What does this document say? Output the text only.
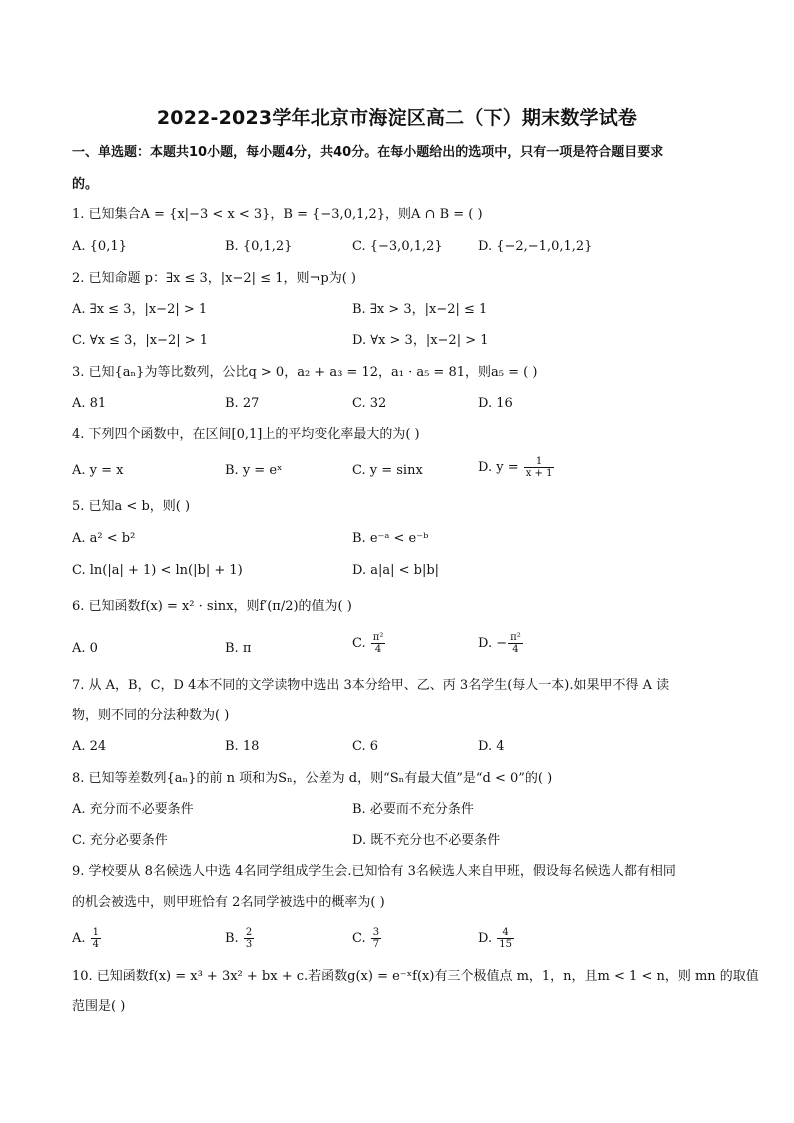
2022-2023学年北京市海淀区高二（下）期末数学试卷
一、单选题：本题共10小题，每小题4分，共40分。在每小题给出的选项中，只有一项是符合题目要求
的。
1. 已知集合A = {x|−3 < x < 3}，B = {−3,0,1,2}，则A ∩ B = ( )
A. {0,1}	B. {0,1,2}	C. {−3,0,1,2}	D. {−2,−1,0,1,2}
2. 已知命题 p：∃x ≤ 3，|x−2| ≤ 1，则¬p为( )
A. ∃x ≤ 3，|x−2| > 1	B. ∃x > 3，|x−2| ≤ 1
C. ∀x ≤ 3，|x−2| > 1	D. ∀x > 3，|x−2| > 1
3. 已知{aₙ}为等比数列，公比q > 0，a₂ + a₃ = 12，a₁ · a₅ = 81，则a₅ = ( )
A. 81	B. 27	C. 32	D. 16
4. 下列四个函数中，在区间[0,1]上的平均变化率最大的为( )
A. y = x	B. y = eˣ	C. y = sinx	D. $y = \frac{1}{x + 1}$
5. 已知a < b，则( )
A. a² < b²	B. e⁻ᵃ < e⁻ᵇ
C. ln(|a| + 1) < ln(|b| + 1)	D. a|a| < b|b|
6. 已知函数f(x) = x² · sinx，则f′(π/2)的值为( )
A. 0	B. π	C. $\frac{\text{π²}}{4}$	D. − $\frac{\text{π²}}{4}$
7. 从 A，B，C，D 4本不同的文学读物中选出 3本分给甲、乙、丙 3名学生(每人一本).如果甲不得 A 读
物，则不同的分法种数为( )
A. 24	B. 18	C. 6	D. 4
8. 已知等差数列{aₙ}的前 n 项和为Sₙ，公差为 d，则“Sₙ有最大值”是“d < 0”的( )
A. 充分而不必要条件	B. 必要而不充分条件
C. 充分必要条件	D. 既不充分也不必要条件
9. 学校要从 8名候选人中选 4名同学组成学生会.已知恰有 3名候选人来自甲班，假设每名候选人都有相同
的机会被选中，则甲班恰有 2名同学被选中的概率为( )
A. $\frac{1}{4}$	B. $\frac{2}{3}$	C. $\frac{3}{7}$	D. $\frac{4}{15}$
10. 已知函数f(x) = x³ + 3x² + bx + c.若函数g(x) = e⁻ˣf(x)有三个极值点 m，1，n，且m < 1 < n，则 mn 的取值
范围是( )
